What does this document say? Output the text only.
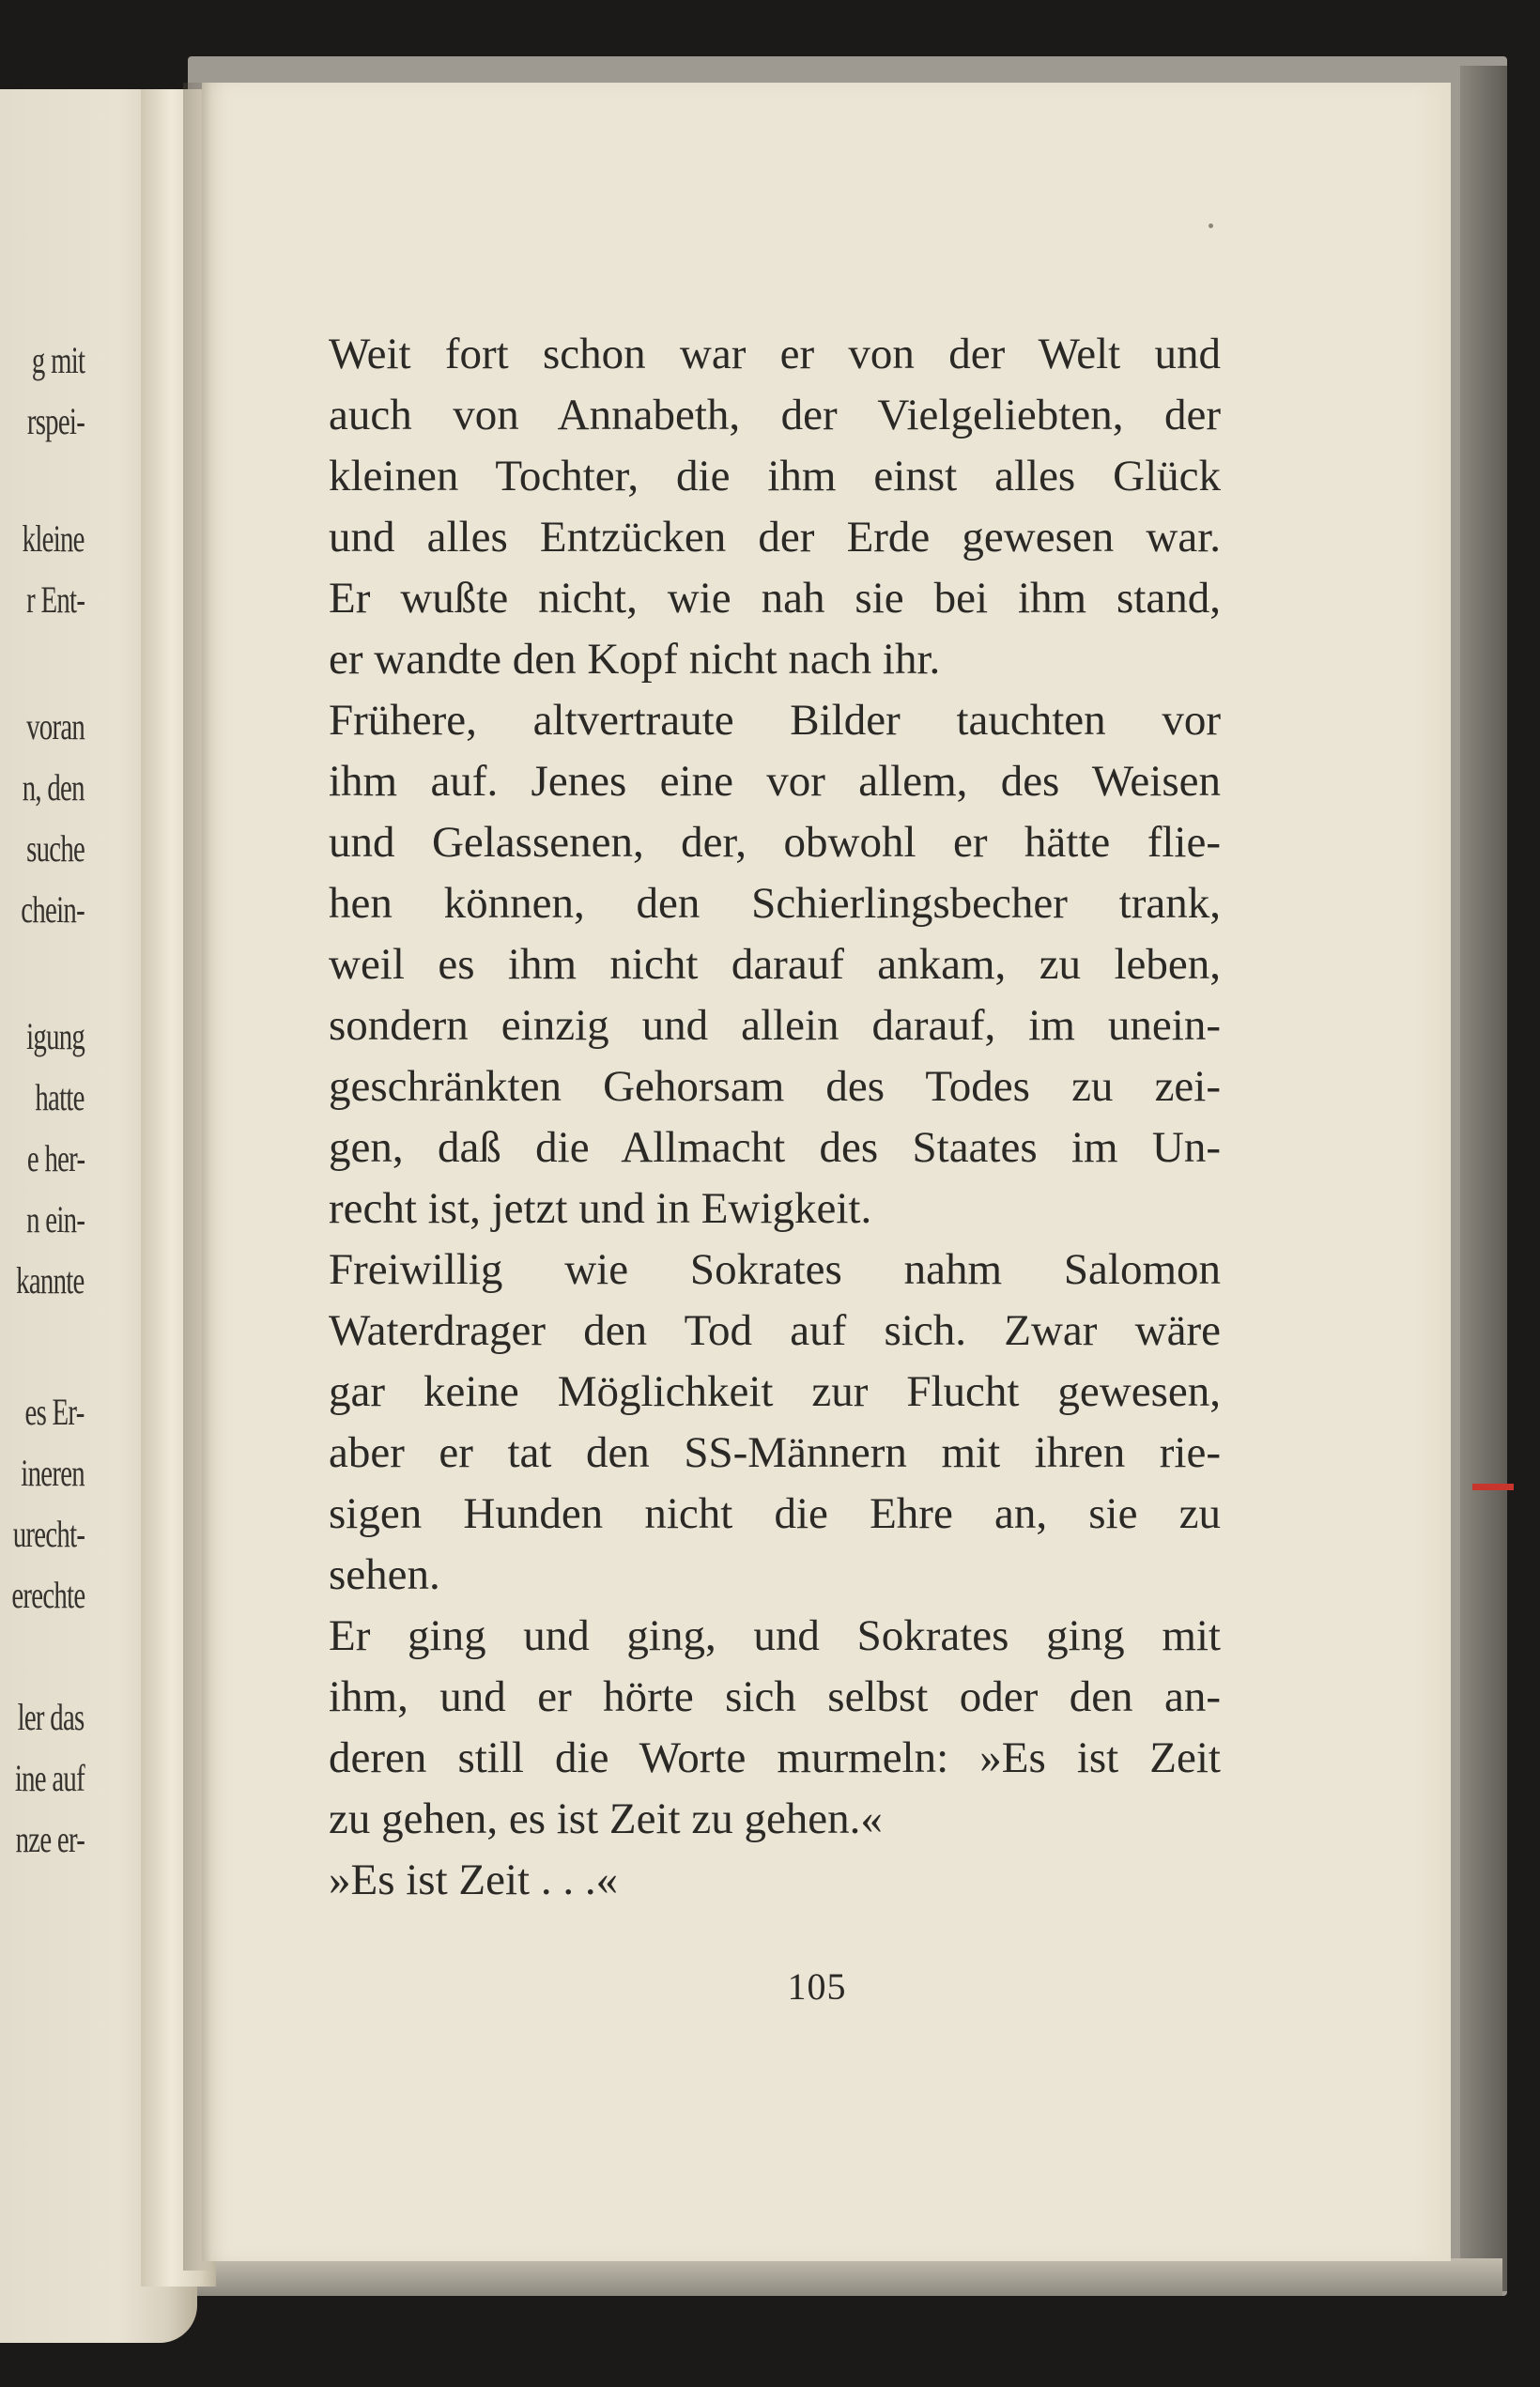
g mit
rspei-
kleine
r Ent-
voran
n, den
suche
chein-
igung
hatte
e her-
n ein-
kannte
es Er-
ineren
urecht-
erechte
ler das
ine auf
nze er-
Weit fort schon war er von der Welt und
auch von Annabeth, der Vielgeliebten, der
kleinen Tochter, die ihm einst alles Glück
und alles Entzücken der Erde gewesen war.
Er wußte nicht, wie nah sie bei ihm stand,
er wandte den Kopf nicht nach ihr.
Frühere, altvertraute Bilder tauchten vor
ihm auf. Jenes eine vor allem, des Weisen
und Gelassenen, der, obwohl er hätte flie-
hen können, den Schierlingsbecher trank,
weil es ihm nicht darauf ankam, zu leben,
sondern einzig und allein darauf, im unein-
geschränkten Gehorsam des Todes zu zei-
gen, daß die Allmacht des Staates im Un-
recht ist, jetzt und in Ewigkeit.
Freiwillig wie Sokrates nahm Salomon
Waterdrager den Tod auf sich. Zwar wäre
gar keine Möglichkeit zur Flucht gewesen,
aber er tat den SS-Männern mit ihren rie-
sigen Hunden nicht die Ehre an, sie zu
sehen.
Er ging und ging, und Sokrates ging mit
ihm, und er hörte sich selbst oder den an-
deren still die Worte murmeln: »Es ist Zeit
zu gehen, es ist Zeit zu gehen.«
»Es ist Zeit . . .«
105
